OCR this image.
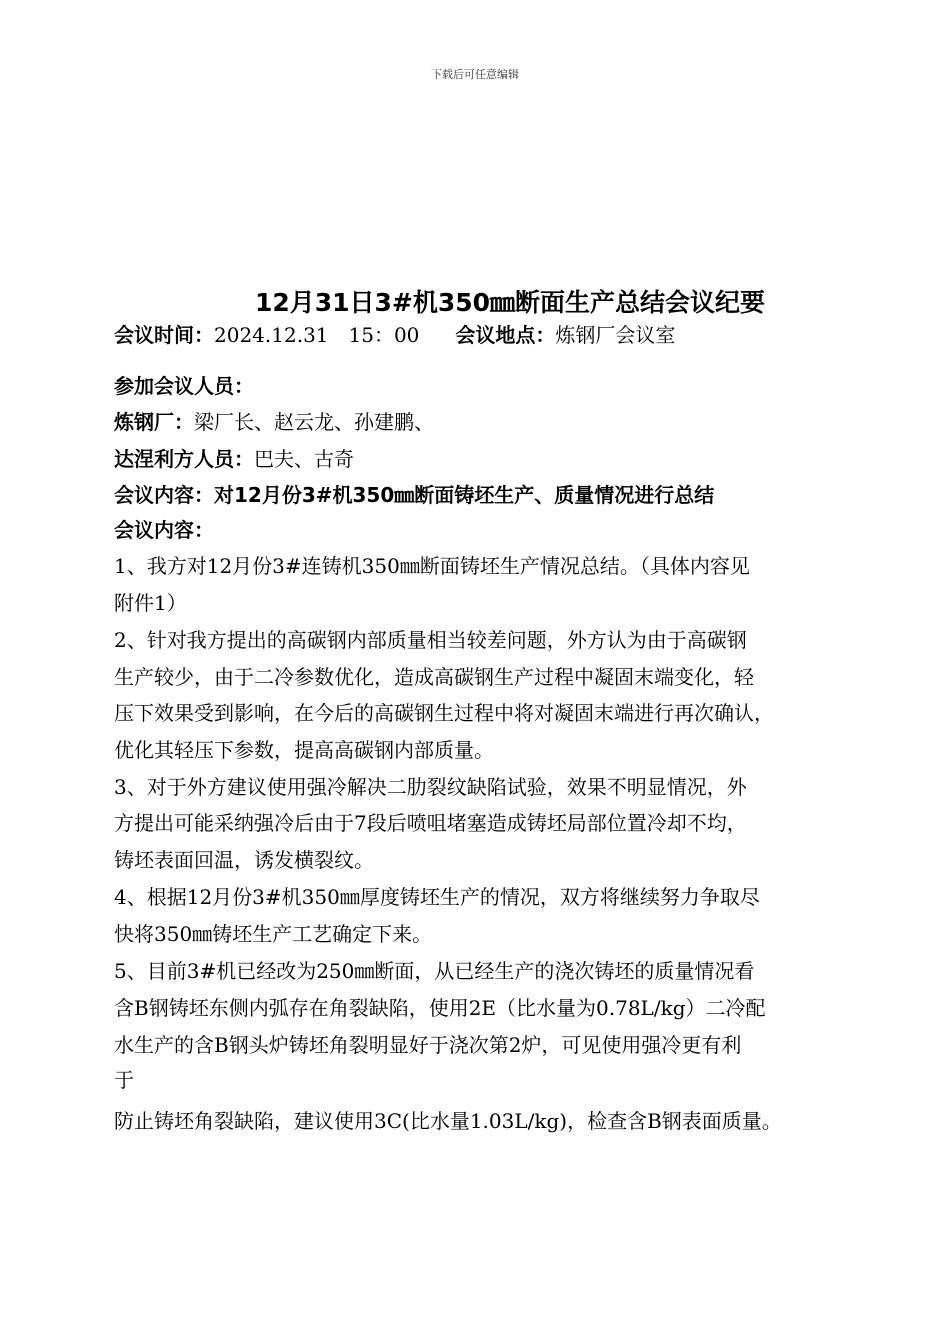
下载后可任意编辑
12月31日3#机350㎜断面生产总结会议纪要
会议时间：2024.12.31　15：00 会议地点：炼钢厂会议室
参加会议人员：
炼钢厂：梁厂长、赵云龙、孙建鹏、
达涅利方人员：巴夫、古奇
会议内容：对12月份3#机350㎜断面铸坯生产、质量情况进行总结
会议内容：
1、我方对12月份3#连铸机350㎜断面铸坯生产情况总结。（具体内容见
附件1）
2、针对我方提出的高碳钢内部质量相当较差问题，外方认为由于高碳钢
生产较少，由于二冷参数优化，造成高碳钢生产过程中凝固末端变化，轻
压下效果受到影响，在今后的高碳钢生过程中将对凝固末端进行再次确认，
优化其轻压下参数，提高高碳钢内部质量。
3、对于外方建议使用强冷解决二肋裂纹缺陷试验，效果不明显情况，外
方提出可能采纳强冷后由于7段后喷咀堵塞造成铸坯局部位置冷却不均，
铸坯表面回温，诱发横裂纹。
4、根据12月份3#机350㎜厚度铸坯生产的情况，双方将继续努力争取尽
快将350㎜铸坯生产工艺确定下来。
5、目前3#机已经改为250㎜断面，从已经生产的浇次铸坯的质量情况看
含B钢铸坯东侧内弧存在角裂缺陷，使用2E（比水量为0.78L/kg）二冷配
水生产的含B钢头炉铸坯角裂明显好于浇次第2炉，可见使用强冷更有利
于
防止铸坯角裂缺陷，建议使用3C(比水量1.03L/kg)，检查含B钢表面质量。
